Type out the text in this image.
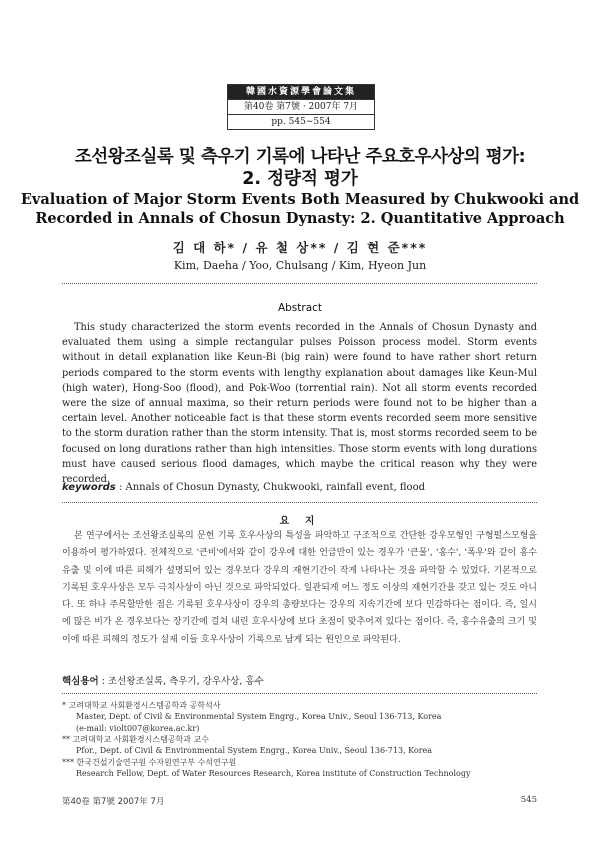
韓國水資源學會論文集
第40卷 第7號 · 2007年 7月
pp. 545∼554
조선왕조실록 및 측우기 기록에 나타난 주요호우사상의 평가:
2. 정량적 평가
Evaluation of Major Storm Events Both Measured by Chukwooki and
Recorded in Annals of Chosun Dynasty: 2. Quantitative Approach
김 대 하* / 유 철 상** / 김 현 준***
Kim, Daeha / Yoo, Chulsang / Kim, Hyeon Jun
Abstract
This study characterized the storm events recorded in the Annals of Chosun Dynasty and evaluated them using a simple rectangular pulses Poisson process model. Storm events without in detail explanation like Keun-Bi (big rain) were found to have rather short return periods compared to the storm events with lengthy explanation about damages like Keun-Mul (high water), Hong-Soo (flood), and Pok-Woo (torrential rain). Not all storm events recorded were the size of annual maxima, so their return periods were found not to be higher than a certain level. Another noticeable fact is that these storm events recorded seem more sensitive to the storm duration rather than the storm intensity. That is, most storms recorded seem to be focused on long durations rather than high intensities. Those storm events with long durations must have caused serious flood damages, which maybe the critical reason why they were recorded.
keywords : Annals of Chosun Dynasty, Chukwooki, rainfall event, flood
요 지
본 연구에서는 조선왕조실록의 문헌 기록 호우사상의 특성을 파악하고 구조적으로 간단한 강우모형인 구형펄스모형을 이용하여 평가하였다. 전체적으로 '큰비'에서와 같이 강우에 대한 언급만이 있는 경우가 '큰물', '홍수', '폭우'와 같이 홍수유출 및 이에 따른 피해가 설명되어 있는 경우보다 강우의 재현기간이 작게 나타나는 것을 파악할 수 있었다. 기본적으로 기록된 호우사상은 모두 극치사상이 아닌 것으로 파악되었다. 일관되게 어느 정도 이상의 재현기간을 갖고 있는 것도 아니다. 또 하나 주목할만한 점은 기록된 호우사상이 강우의 총량보다는 강우의 지속기간에 보다 민감하다는 점이다. 즉, 일시에 많은 비가 온 경우보다는 장기간에 걸쳐 내린 호우사상에 보다 초점이 맞추어져 있다는 점이다. 즉, 홍수유출의 크기 및 이에 따른 피해의 정도가 실제 이들 호우사상이 기록으로 남게 되는 원인으로 파악된다.
핵심용어 : 조선왕조실록, 측우기, 강우사상, 홍수
* 고려대학교 사회환경시스템공학과 공학석사
Master, Dept. of Civil & Environmental System Engrg., Korea Univ., Seoul 136-713, Korea
(e-mail: violt007@korea.ac.kr)
** 고려대학교 사회환경시스템공학과 교수
Pfor., Dept. of Civil & Environmental System Engrg., Korea Univ., Seoul 136-713, Korea
*** 한국건설기술연구원 수자원연구부 수석연구원
Research Fellow, Dept. of Water Resources Research, Korea institute of Construction Technology
第40卷 第7號 2007年 7月	545
